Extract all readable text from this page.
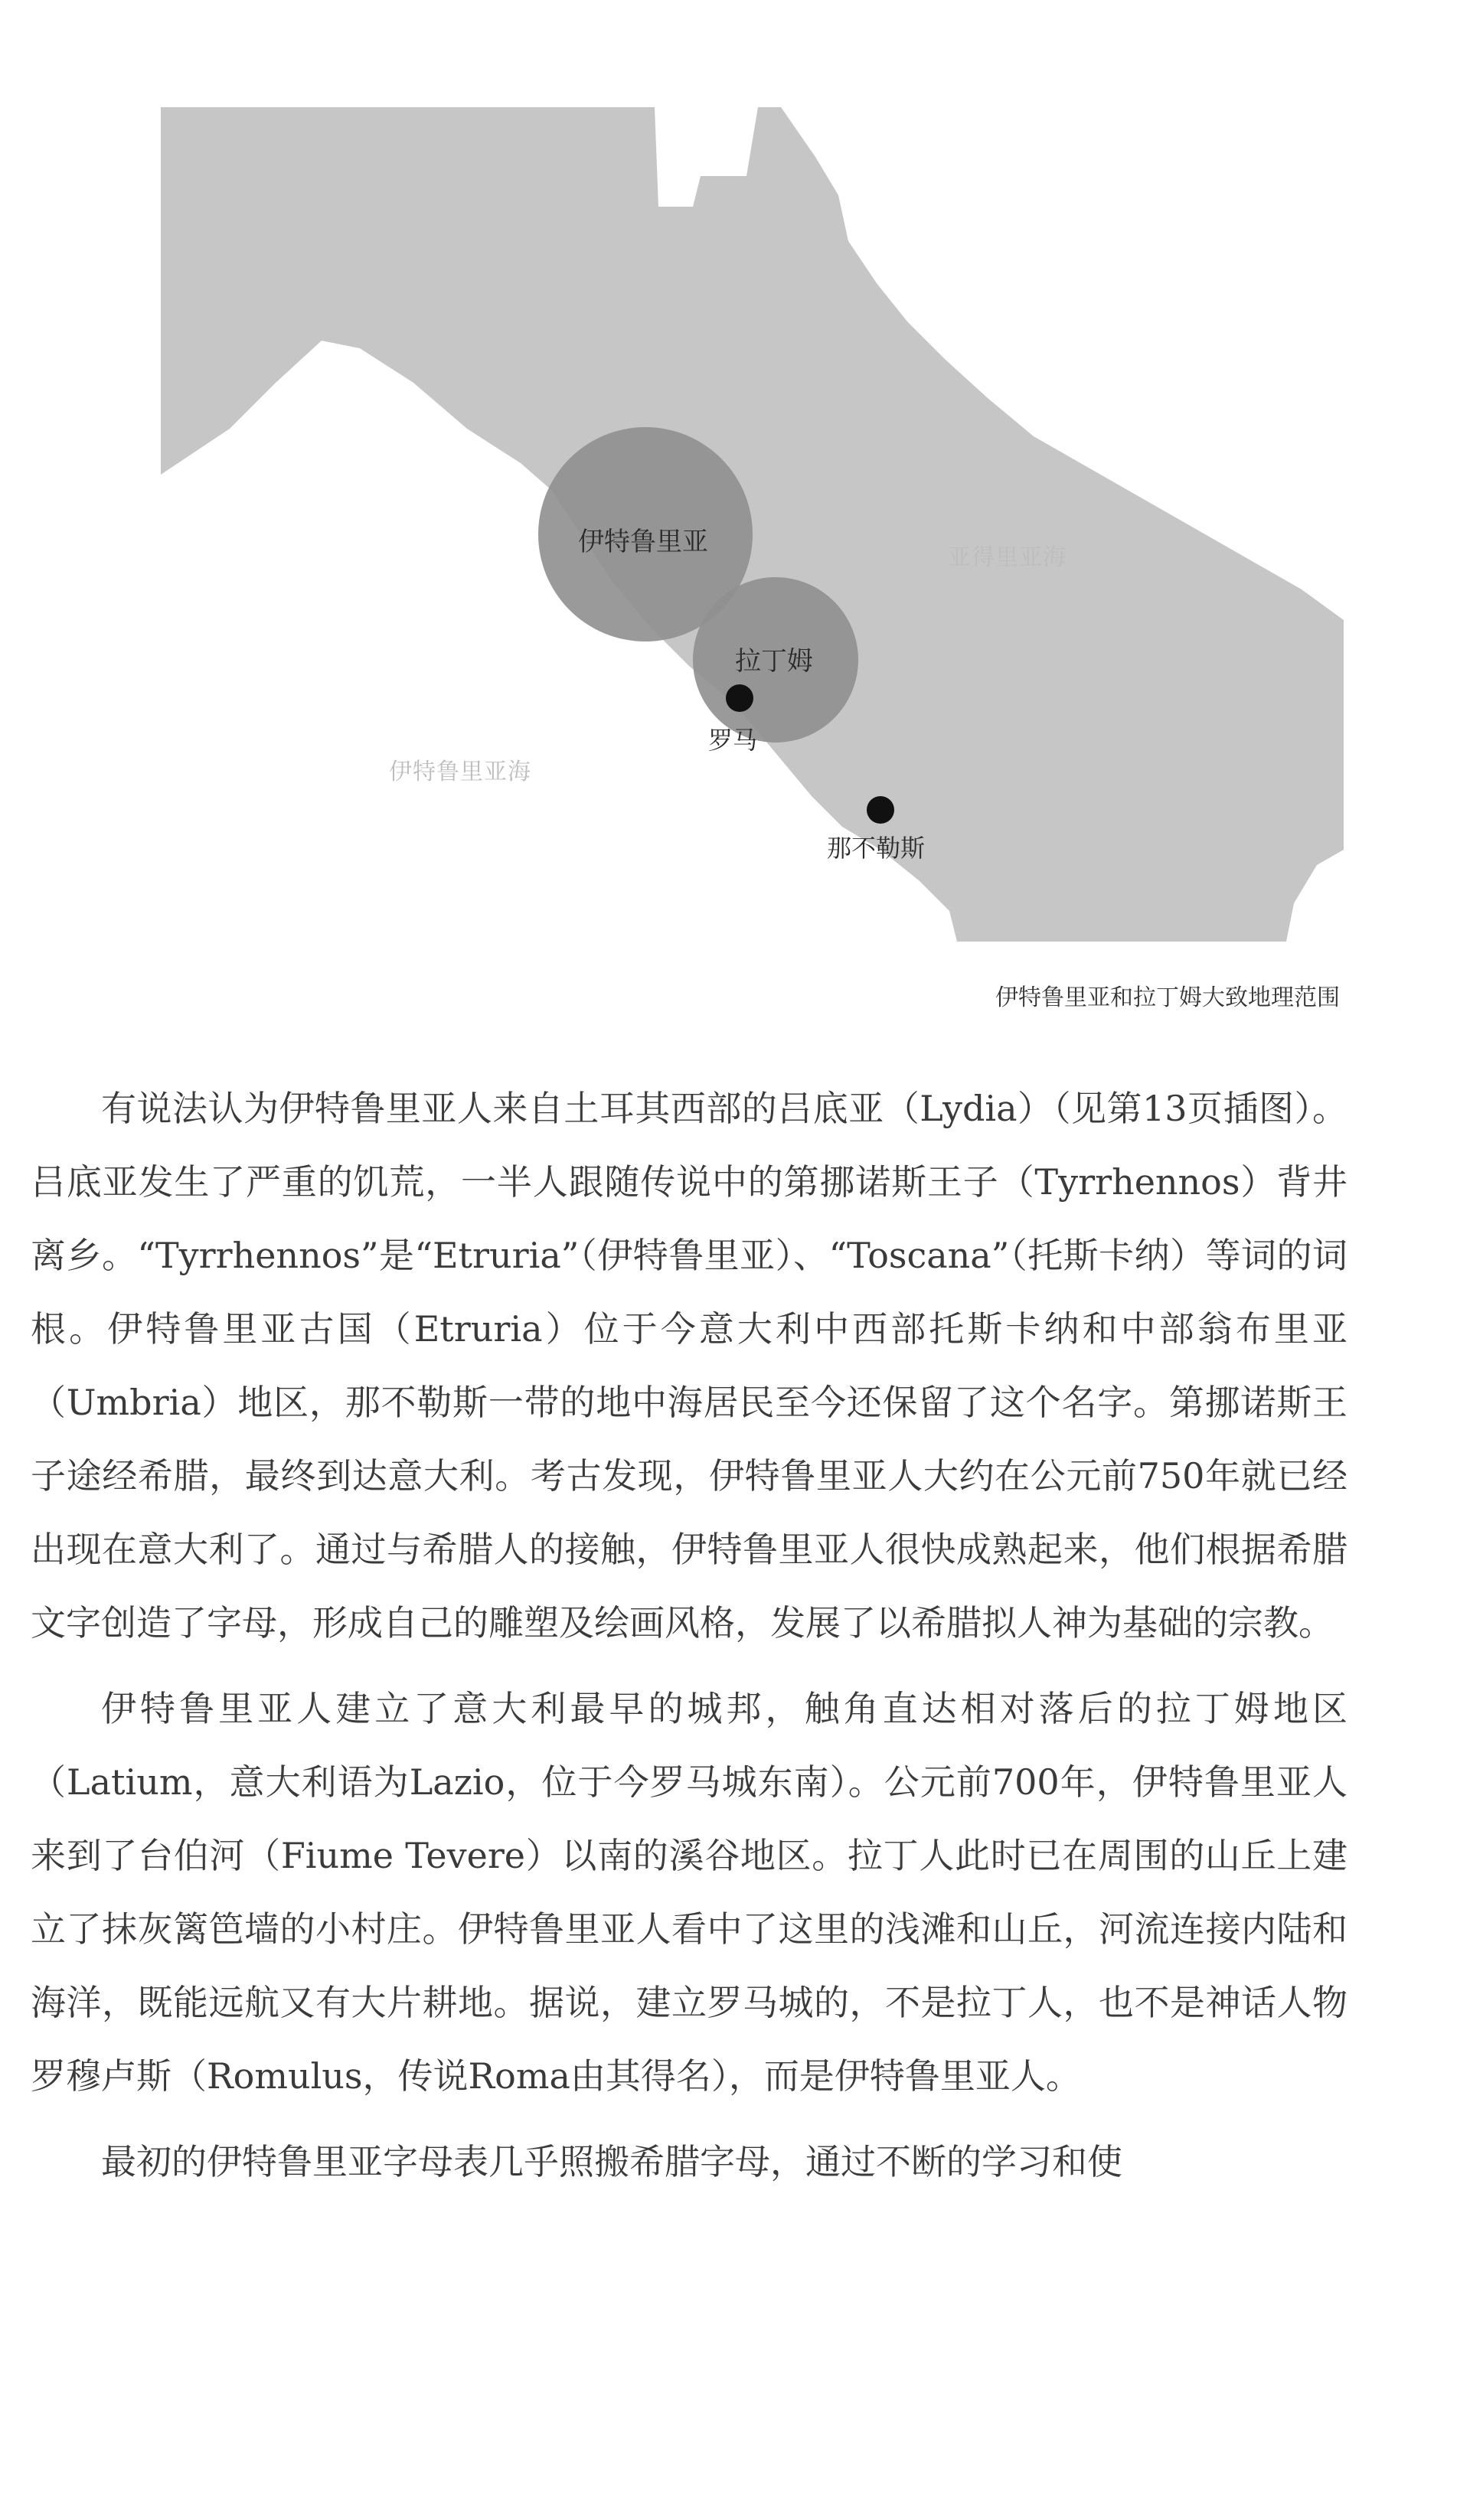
伊特鲁里亚
拉丁姆
罗马
那不勒斯
亚得里亚海
伊特鲁里亚海
伊特鲁里亚和拉丁姆大致地理范围

有说法认为伊特鲁里亚人来自土耳其西部的吕底亚（Lydia）（见第13页插图）。吕底亚发生了严重的饥荒，一半人跟随传说中的第挪诺斯王子（Tyrrhennos）背井离乡。“Tyrrhennos”是“Etruria”（伊特鲁里亚）、“Toscana”（托斯卡纳）等词的词根。伊特鲁里亚古国（Etruria）位于今意大利中西部托斯卡纳和中部翁布里亚（Umbria）地区，那不勒斯一带的地中海居民至今还保留了这个名字。第挪诺斯王子途经希腊，最终到达意大利。考古发现，伊特鲁里亚人大约在公元前750年就已经出现在意大利了。通过与希腊人的接触，伊特鲁里亚人很快成熟起来，他们根据希腊文字创造了字母，形成自己的雕塑及绘画风格，发展了以希腊拟人神为基础的宗教。

伊特鲁里亚人建立了意大利最早的城邦，触角直达相对落后的拉丁姆地区（Latium，意大利语为Lazio，位于今罗马城东南）。公元前700年，伊特鲁里亚人来到了台伯河（Fiume Tevere）以南的溪谷地区。拉丁人此时已在周围的山丘上建立了抹灰篱笆墙的小村庄。伊特鲁里亚人看中了这里的浅滩和山丘，河流连接内陆和海洋，既能远航又有大片耕地。据说，建立罗马城的，不是拉丁人，也不是神话人物罗穆卢斯（Romulus，传说Roma由其得名），而是伊特鲁里亚人。

最初的伊特鲁里亚字母表几乎照搬希腊字母，通过不断的学习和使
